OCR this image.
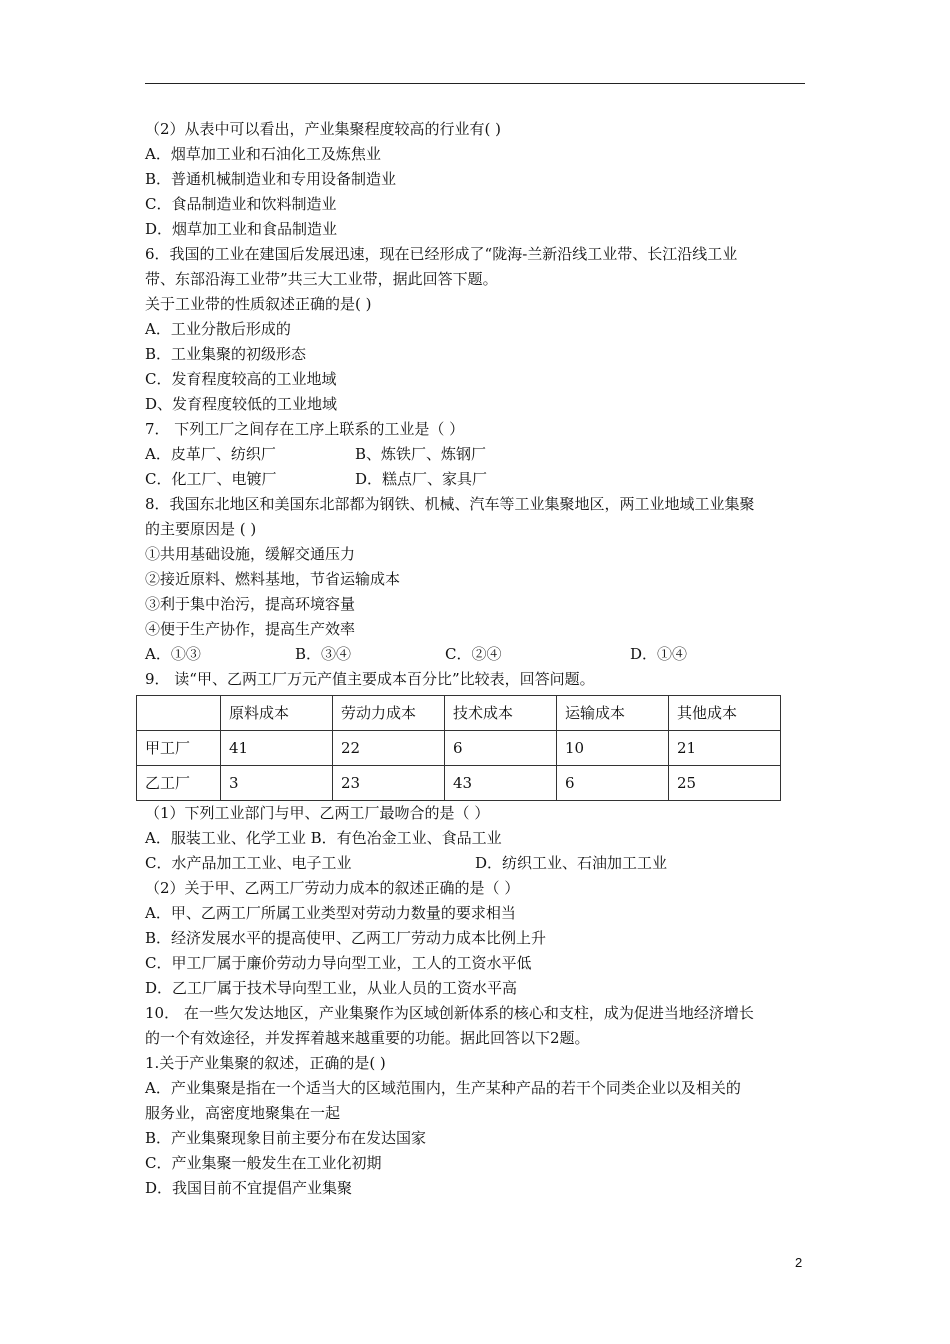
（2）从表中可以看出，产业集聚程度较高的行业有( )
A．烟草加工业和石油化工及炼焦业
B．普通机械制造业和专用设备制造业
C．食品制造业和饮料制造业
D．烟草加工业和食品制造业
6．我国的工业在建国后发展迅速，现在已经形成了“陇海-兰新沿线工业带、长江沿线工业
带、东部沿海工业带”共三大工业带，据此回答下题。
关于工业带的性质叙述正确的是( )
A．工业分散后形成的
B．工业集聚的初级形态
C．发育程度较高的工业地域
D、发育程度较低的工业地域
7． 下列工厂之间存在工序上联系的工业是（ ）
A．皮革厂、纺织厂	B、炼铁厂、炼钢厂
C．化工厂、电镀厂	D．糕点厂、家具厂
8．我国东北地区和美国东北部都为钢铁、机械、汽车等工业集聚地区，两工业地域工业集聚
的主要原因是 ( )
①共用基础设施，缓解交通压力
②接近原料、燃料基地，节省运输成本
③利于集中治污，提高环境容量
④便于生产协作，提高生产效率
A．①③	B．③④	C．②④	D．①④
9． 读“甲、乙两工厂万元产值主要成本百分比”比较表，回答问题。
	原料成本	劳动力成本	技术成本	运输成本	其他成本
甲工厂	41	22	6	10	21
乙工厂	3	23	43	6	25
（1）下列工业部门与甲、乙两工厂最吻合的是（ ）
A．服装工业、化学工业 B．有色冶金工业、食品工业
C．水产品加工工业、电子工业	D．纺织工业、石油加工工业
（2）关于甲、乙两工厂劳动力成本的叙述正确的是（ ）
A．甲、乙两工厂所属工业类型对劳动力数量的要求相当
B．经济发展水平的提高使甲、乙两工厂劳动力成本比例上升
C．甲工厂属于廉价劳动力导向型工业，工人的工资水平低
D．乙工厂属于技术导向型工业，从业人员的工资水平高
10． 在一些欠发达地区，产业集聚作为区域创新体系的核心和支柱，成为促进当地经济增长
的一个有效途径，并发挥着越来越重要的功能。据此回答以下2题。
1.关于产业集聚的叙述，正确的是( )
A．产业集聚是指在一个适当大的区域范围内，生产某种产品的若干个同类企业以及相关的
服务业，高密度地聚集在一起
B．产业集聚现象目前主要分布在发达国家
C．产业集聚一般发生在工业化初期
D．我国目前不宜提倡产业集聚
2
